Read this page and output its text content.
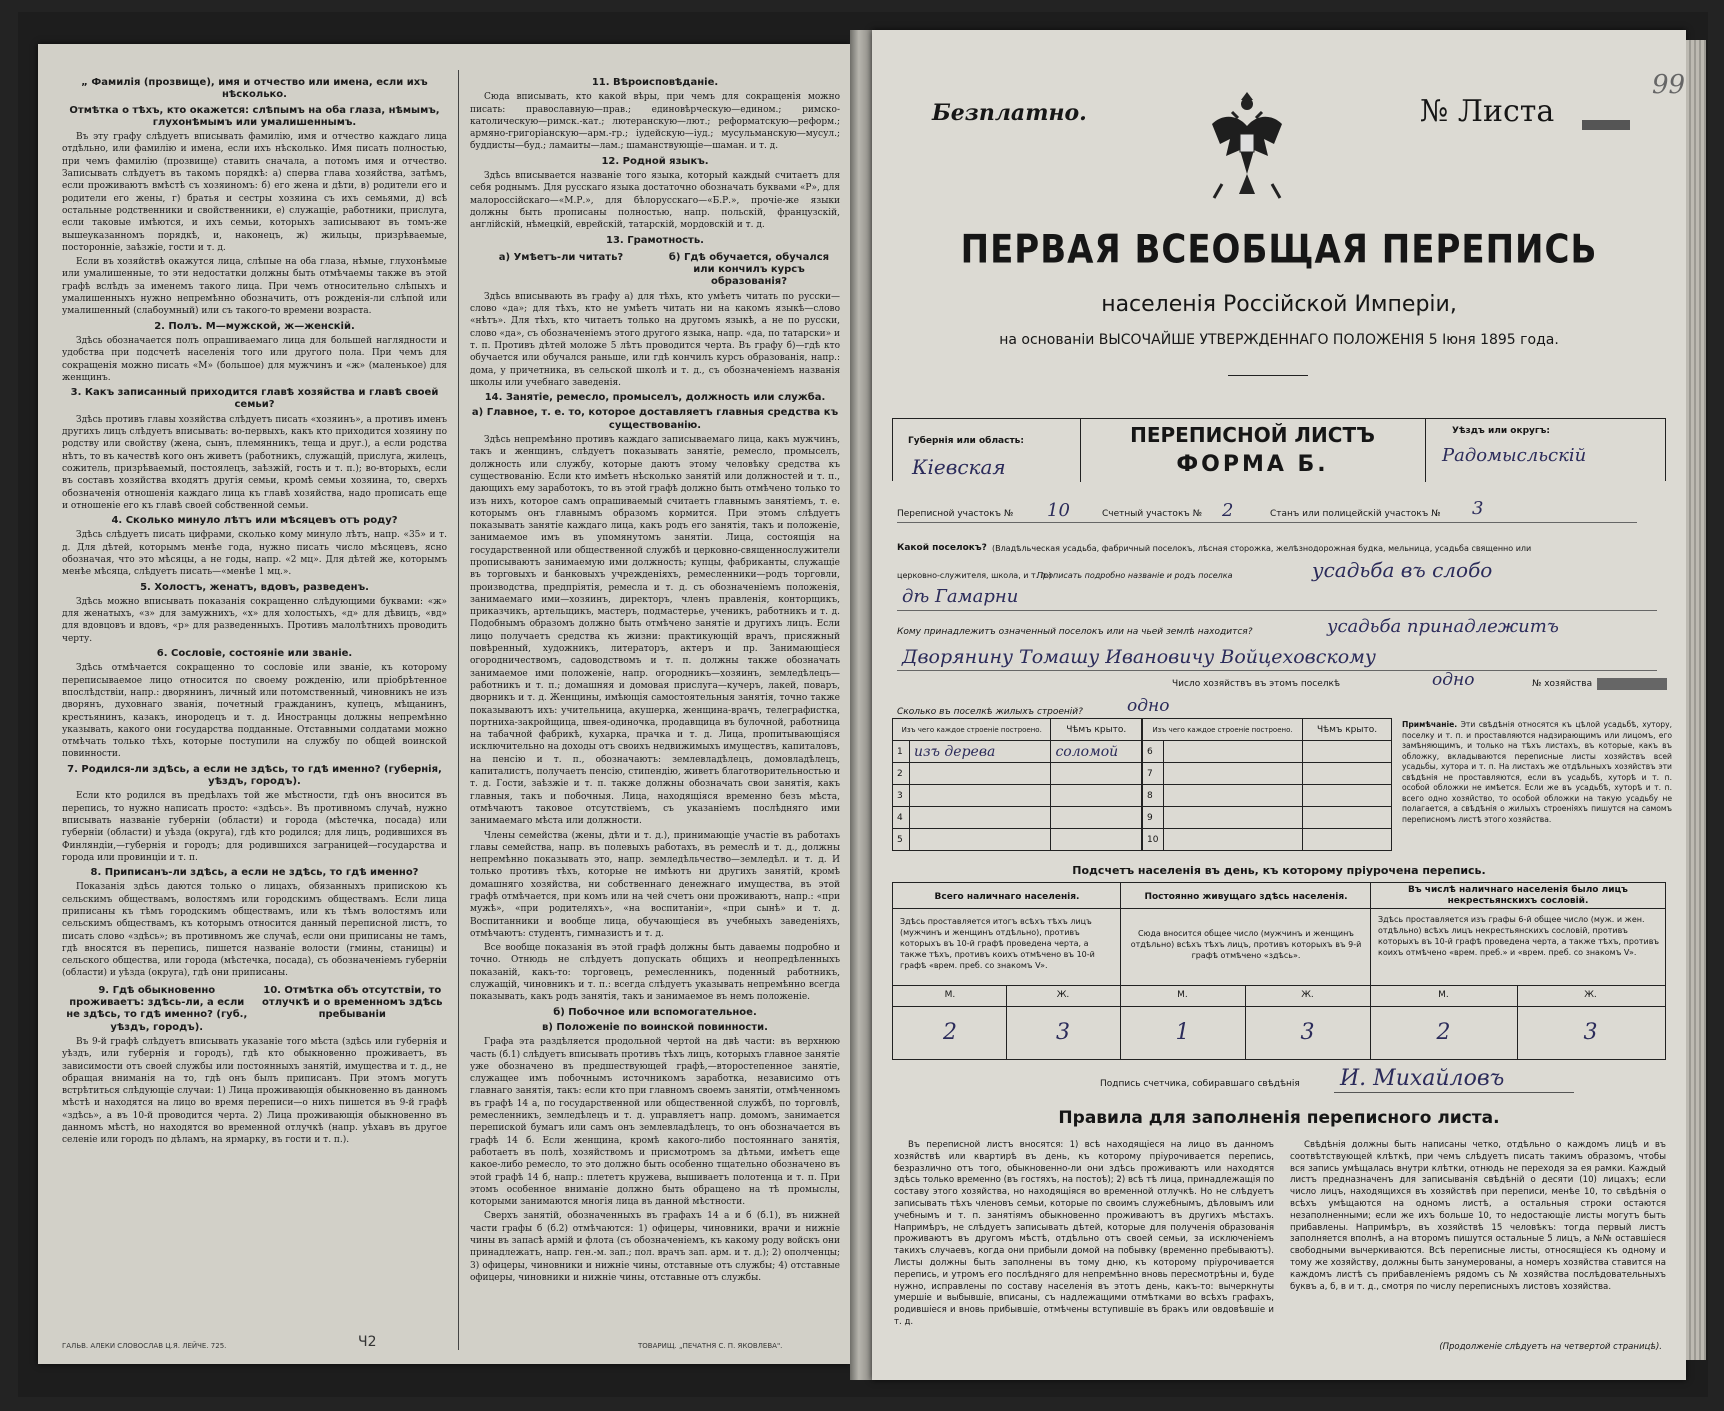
„ Фамилія (прозвище), имя и отчество или имена, если ихъ нѣсколько.
Отмѣтка о тѣхъ, кто окажется: слѣпымъ на оба глаза, нѣмымъ, глухонѣмымъ или умалишеннымъ.

Въ эту графу слѣдуетъ вписывать фамилію, имя и отчество каждаго лица отдѣльно, или фамилію и имена, если ихъ нѣсколько. Имя писать полностью, при чемъ фамилію (прозвище) ставить сначала, а потомъ имя и отчество. Записывать слѣдуетъ въ такомъ порядкѣ: а) сперва глава хозяйства, затѣмъ, если проживаютъ вмѣстѣ съ хозяиномъ: б) его жена и дѣти, в) родители его и родители его жены, г) братья и сестры хозяина съ ихъ семьями, д) всѣ остальные родственники и свойственники, е) служащіе, работники, прислуга, если таковые имѣются, и ихъ семьи, которыхъ записывают въ томъ-же вышеуказанномъ порядкѣ, и, наконецъ, ж) жильцы, призрѣваемые, посторонніе, заѣзжіе, гости и т. д.

Если въ хозяйствѣ окажутся лица, слѣпые на оба глаза, нѣмые, глухонѣмые или умалишенные, то эти недостатки должны быть отмѣчаемы также въ этой графѣ вслѣдъ за именемъ такого лица. При чемъ относительно слѣпыхъ и умалишенныхъ нужно непремѣнно обозначить, отъ рожденія-ли слѣпой или умалишенный (слабоумный) или съ такого-то времени возраста.

2. Полъ. М—мужской, ж—женскій.

Здѣсь обозначается полъ опрашиваемаго лица для большей наглядности и удобства при подсчетѣ населенія того или другого пола. При чемъ для сокращенія можно писать «М» (большое) для мужчинъ и «ж» (маленькое) для женщинъ.

3. Какъ записанный приходится главѣ хозяйства и главѣ своей семьи?

Здѣсь противъ главы хозяйства слѣдуетъ писать «хозяинъ», а противъ именъ другихъ лицъ слѣдуетъ вписывать: во-первыхъ, какъ кто приходится хозяину по родству или свойству (жена, сынъ, племянникъ, теща и друг.), а если родства нѣтъ, то въ качествѣ кого онъ живетъ (работникъ, служащій, прислуга, жилецъ, сожитель, призрѣваемый, постоялецъ, заѣзжій, гость и т. п.); во-вторыхъ, если въ составъ хозяйства входятъ другія семьи, кромѣ семьи хозяина, то, сверхъ обозначенія отношенія каждаго лица къ главѣ хозяйства, надо прописать еще и отношеніе его къ главѣ своей собственной семьи.

4. Сколько минуло лѣтъ или мѣсяцевъ отъ роду?

Здѣсь слѣдуетъ писать цифрами, сколько кому минуло лѣтъ, напр. «35» и т. д. Для дѣтей, которымъ менѣе года, нужно писать число мѣсяцевъ, ясно обозначая, что это мѣсяцы, а не годы, напр. «2 мц». Для дѣтей же, которымъ менѣе мѣсяца, слѣдуетъ писать—«менѣе 1 мц.».

5. Холостъ, женатъ, вдовъ, разведенъ.

Здѣсь можно вписывать показанія сокращенно слѣдующими буквами: «ж» для женатыхъ, «з» для замужнихъ, «х» для холостыхъ, «д» для дѣвицъ, «вд» для вдовцовъ и вдовъ, «р» для разведенныхъ. Противъ малолѣтнихъ проводить черту.

6. Сословіе, состояніе или званіе.

Здѣсь отмѣчается сокращенно то сословіе или званіе, къ которому переписываемое лицо относится по своему рожденію, или пріобрѣтенное впослѣдствіи, напр.: дворянинъ, личный или потомственный, чиновникъ не изъ дворянъ, духовнаго званія, почетный гражданинъ, купецъ, мѣщанинъ, крестьянинъ, казакъ, инородецъ и т. д. Иностранцы должны непремѣнно указывать, какого они государства подданные. Отставными солдатами можно отмѣчать только тѣхъ, которые поступили на службу по общей воинской повинности.

7. Родился-ли здѣсь, а если не здѣсь, то гдѣ именно? (губернія, уѣздъ, городъ).

Если кто родился въ предѣлахъ той же мѣстности, гдѣ онъ вносится въ перепись, то нужно написать просто: «здѣсь». Въ противномъ случаѣ, нужно вписывать названіе губерніи (области) и города (мѣстечка, посада) или губерніи (области) и уѣзда (округа), гдѣ кто родился; для лицъ, родившихся въ Финляндіи,—губернія и городъ; для родившихся заграницей—государства и города или провинціи и т. п.

8. Приписанъ-ли здѣсь, а если не здѣсь, то гдѣ именно?

Показанія здѣсь даются только о лицахъ, обязанныхъ припискою къ сельскимъ обществамъ, волостямъ или городскимъ обществамъ. Если лица приписаны къ тѣмъ городскимъ обществамъ, или къ тѣмъ волостямъ или сельскимъ обществамъ, къ которымъ относится данный переписной листъ, то писать слово «здѣсь»; въ противномъ же случаѣ, если они приписаны не тамъ, гдѣ вносятся въ перепись, пишется названіе волости (гмины, станицы) и сельского общества, или города (мѣстечка, посада), съ обозначеніемъ губерніи (области) и уѣзда (округа), гдѣ они приписаны.

9. Гдѣ обыкновенно проживаетъ: здѣсь-ли, а если не здѣсь, то гдѣ именно? (губ., уѣздъ, городъ).
10. Отмѣтка объ отсутствіи, то отлучкѣ и о временномъ здѣсь пребываніи

Въ 9-й графѣ слѣдуетъ вписывать указаніе того мѣста (здѣсь или губернія и уѣздъ, или губернія и городъ), гдѣ кто обыкновенно проживаетъ, въ зависимости отъ своей службы или постоянныхъ занятій, имущества и т. д., не обращая вниманія на то, гдѣ онъ былъ приписанъ. При этомъ могутъ встрѣтиться слѣдующіе случаи: 1) Лица проживающія обыкновенно въ данномъ мѣстѣ и находятся на лицо во время переписи—о нихъ пишется въ 9-й графѣ «здѣсь», а въ 10-й проводится черта. 2) Лица проживающія обыкновенно въ данномъ мѣстѣ, но находятся во временной отлучкѣ (напр. уѣхавъ въ другое селеніе или городъ по дѣламъ, на ярмарку, въ гости и т. п.).

11. Вѣроисповѣданіе.

Сюда вписывать, кто какой вѣры, при чемъ для сокращенія можно писать: православную—прав.; единовѣрческую—едином.; римско-католическую—римск.-кат.; лютеранскую—лют.; реформатскую—реформ.; армяно-григоріанскую—арм.-гр.; іудейскую—іуд.; мусульманскую—мусул.; буддисты—буд.; ламаиты—лам.; шаманствующіе—шаман. и т. д.

12. Родной языкъ.

Здѣсь вписывается названіе того языка, который каждый считаетъ для себя роднымъ. Для русскаго языка достаточно обозначать буквами «Р», для малороссійскаго—«М.Р.», для бѣлорусскаго—«Б.Р.», прочіе-же языки должны быть прописаны полностью, напр. польскій, французскій, англійскій, нѣмецкій, еврейскій, татарскій, мордовскій и т. д.

13. Грамотность.
а) Умѣетъ-ли читать?	б) Гдѣ обучается, обучался или кончилъ курсъ образованія?

Здѣсь вписывають въ графу а) для тѣхъ, кто умѣетъ читать по русски—слово «да»; для тѣхъ, кто не умѣетъ читать ни на какомъ языкѣ—слово «нѣтъ». Для тѣхъ, кто читаетъ только на другомъ языкѣ, а не по русски, слово «да», съ обозначеніемъ этого другого языка, напр. «да, по татарски» и т. п. Противъ дѣтей моложе 5 лѣтъ проводится черта. Въ графу б)—гдѣ кто обучается или обучался раньше, или гдѣ кончилъ курсъ образованія, напр.: дома, у причетника, въ сельской школѣ и т. д., съ обозначеніемъ названія школы или учебнаго заведенія.

14. Занятіе, ремесло, промыселъ, должность или служба.
а) Главное, т. е. то, которое доставляетъ главныя средства къ существованію.

Здѣсь непремѣнно противъ каждаго записываемаго лица, какъ мужчинъ, такъ и женщинъ, слѣдуетъ показывать занятіе, ремесло, промыселъ, должность или службу, которые даютъ этому человѣку средства къ существованію. Если кто имѣетъ нѣсколько занятій или должностей и т. п., дающихъ ему заработокъ, то въ этой графѣ должно быть отмѣчено только то изъ нихъ, которое самъ опрашиваемый считаетъ главнымъ занятіемъ, т. е. которымъ онъ главнымъ образомъ кормится. При этомъ слѣдуетъ показывать занятіе каждаго лица, какъ родъ его занятія, такъ и положеніе, занимаемое имъ въ упомянутомъ занятіи. Лица, состоящія на государственной или общественной службѣ и церковно-священнослужители прописываютъ занимаемую ими должность; купцы, фабриканты, служащіе въ торговыхъ и банковыхъ учрежденіяхъ, ремесленники—родъ торговли, производства, предпріятія, ремесла и т. д. съ обозначеніемъ положенія, занимаемаго ими—хозяинъ, директоръ, членъ правленія, конторщикъ, приказчикъ, артельщикъ, мастеръ, подмастерье, ученикъ, работникъ и т. д. Подобнымъ образомъ должно быть отмѣчено занятіе и другихъ лицъ. Если лицо получаетъ средства къ жизни: практикующій врачъ, присяжный повѣренный, художникъ, литераторъ, актеръ и пр. Занимающіеся огородничествомъ, садоводствомъ и т. п. должны также обозначать занимаемое ими положеніе, напр. огородникъ—хозяинъ, земледѣлецъ—работникъ и т. п.; домашняя и домовая прислуга—кучеръ, лакей, поваръ, дворникъ и т. д. Женщины, имѣющія самостоятельныя занятія, точно также показываютъ ихъ: учительница, акушерка, женщина-врачъ, телеграфистка, портниха-закройщица, швея-одиночка, продавщица въ булочной, работница на табачной фабрикѣ, кухарка, прачка и т. д. Лица, пропитывающіяся исключительно на доходы отъ своихъ недвижимыхъ имуществъ, капиталовъ, на пенсію и т. п., обозначаютъ: землевладѣлецъ, домовладѣлецъ, капиталистъ, получаетъ пенсію, стипендію, живетъ благотворительностью и т. д. Гости, заѣзжіе и т. п. также должны обозначать свои занятія, какъ главныя, такъ и побочныя. Лица, находящіяся временно безъ мѣста, отмѣчаютъ таковое отсутствіемъ, съ указаніемъ послѣдняго ими занимаемаго мѣста или должности.

Члены семейства (жены, дѣти и т. д.), принимающіе участіе въ работахъ главы семейства, напр. въ полевыхъ работахъ, въ ремеслѣ и т. д., должны непремѣнно показывать это, напр. земледѣльчество—земледѣл. и т. д. И только противъ тѣхъ, которые не имѣютъ ни другихъ занятій, кромѣ домашняго хозяйства, ни собственнаго денежнаго имущества, въ этой графѣ отмѣчается, при комъ или на чей счетъ они проживаютъ, напр.: «при мужѣ», «при родителяхъ», «на воспитаніи», «при сынѣ» и т. д. Воспитанники и вообще лица, обучающіеся въ учебныхъ заведеніяхъ, отмѣчаютъ: студентъ, гимназистъ и т. д.

Все вообще показанія въ этой графѣ должны быть даваемы подробно и точно. Отнюдь не слѣдуетъ допускать общихъ и неопредѣленныхъ показаній, какъ-то: торговецъ, ремесленникъ, поденный работникъ, служащій, чиновникъ и т. п.: всегда слѣдуетъ указывать непремѣнно всегда показывать, какъ родъ занятія, такъ и занимаемое въ немъ положеніе.

б) Побочное или вспомогательное.
в) Положеніе по воинской повинности.

Графа эта раздѣляется продольной чертой на двѣ части: въ верхнюю часть (б.1) слѣдуетъ вписывать противъ тѣхъ лицъ, которыхъ главное занятіе уже обозначено въ предшествующей графѣ,—второстепенное занятіе, служащее имъ побочнымъ источникомъ заработка, независимо отъ главнаго занятія, такъ: если кто при главномъ своемъ занятіи, отмѣченномъ въ графѣ 14 а, по государственной или общественной службѣ, по торговлѣ, ремесленникъ, земледѣлецъ и т. д. управляетъ напр. домомъ, занимается перепиской бумагъ или самъ онъ землевладѣлецъ, то онъ обозначается въ графѣ 14 б. Если женщина, кромѣ какого-либо постояннаго занятія, работаетъ въ полѣ, хозяйствомъ и присмотромъ за дѣтьми, имѣетъ еще какое-либо ремесло, то это должно быть особенно тщательно обозначено въ этой графѣ 14 б, напр.: плететъ кружева, вышиваетъ полотенца и т. п. При этомъ особенное вниманіе должно быть обращено на тѣ промыслы, которыми занимаются многія лица въ данной мѣстности.

Сверхъ занятій, обозначенныхъ въ графахъ 14 а и б (б.1), въ нижней части графы б (б.2) отмѣчаются: 1) офицеры, чиновники, врачи и нижніе чины въ запасѣ армій и флота (съ обозначеніемъ, къ какому роду войскъ они принадлежатъ, напр. ген.-м. зап.; пол. врачъ зап. арм. и т. д.); 2) ополченцы; 3) офицеры, чиновники и нижніе чины, отставные отъ службы; 4) отставные офицеры, чиновники и нижніе чины, отставные отъ службы.

ГАЛЬВ. АЛЕКИ СЛОВОСЛАВ Ц.Я. ЛЕЙЧЕ. 725.	Ч2	ТОВАРИЩ. „ПЕЧАТНЯ С. П. ЯКОВЛЕВА".
99
Безплатно.	№ Листа
ПЕРВАЯ ВСЕОБЩАЯ ПЕРЕПИСЬ
населенія Россійской Имперіи,
на основаніи ВЫСОЧАЙШЕ УТВЕРЖДЕННАГО ПОЛОЖЕНІЯ 5 Іюня 1895 года.
Губернія или область:
Кіевская
ПЕРЕПИСНОЙ ЛИСТЪ
ФОРМА Б.
Уѣздъ или округъ:
Радомысльскій
Переписной участокъ № 10	Счетный участокъ № 2	Станъ или полицейскій участокъ № 3
Какой поселокъ? (Владѣльческая усадьба, фабричный поселокъ, лѣсная сторожка, желѣзнодорожная будка, мельница, усадьба священно или
церковно-служителя, школа, и т. п.)
Прописать подробно названіе и родъ поселка	усадьба въ слобо
дѣ Гамарни
Кому принадлежитъ означенный поселокъ или на чьей землѣ находится?	усадьба принадлежитъ
Дворянину Томашу Ивановичу Войцеховскому
Число хозяйствъ въ этомъ поселкѣ	одно	№ хозяйства
Сколько въ поселкѣ жилыхъ строеній?	одно
Изъ чего каждое строеніе построено.		Чѣмъ крыто.
1	изъ дерева	соломой
2		
3		
4		
5		
Изъ чего каждое строеніе построено.		Чѣмъ крыто.
6		
7		
8		
9		
10		
Примѣчаніе. Эти свѣдѣнія относятся къ цѣлой усадьбѣ, хутору, поселку и т. п. и проставляются надзирающимъ или лицомъ, его замѣняющимъ, и только на тѣхъ листахъ, въ которые, какъ въ обложку, вкладываются переписные листы хозяйствъ всей усадьбы, хутора и т. п. На листахъ же отдѣльныхъ хозяйствъ эти свѣдѣнія не проставляются, если въ усадьбѣ, хуторѣ и т. п. особой обложки не имѣется. Если же въ усадьбѣ, хуторѣ и т. п. всего одно хозяйство, то особой обложки на такую усадьбу не полагается, а свѣдѣнія о жилыхъ строеніяхъ пишутся на самомъ переписномъ листѣ этого хозяйства.
Подсчетъ населенія въ день, къ которому пріурочена перепись.
Всего наличнаго населенія.	Постоянно живущаго здѣсь населенія.
Въ числѣ наличнаго населенія было лицъ некрестьянскихъ сословій.
Здѣсь проставляется итогъ всѣхъ тѣхъ лицъ (мужчинъ и женщинъ отдѣльно), противъ которыхъ въ 10-й графѣ проведена черта, а также тѣхъ, противъ коихъ отмѣчено въ 10-й графѣ «врем. преб. со знакомъ V».
Сюда вносится общее число (мужчинъ и женщинъ отдѣльно) всѣхъ тѣхъ лицъ, противъ которыхъ въ 9-й графѣ отмѣчено «здѣсь».
Здѣсь проставляется изъ графы 6-й общее число (муж. и жен. отдѣльно) всѣхъ лицъ некрестьянскихъ сословій, противъ которыхъ въ 10-й графѣ проведена черта, а также тѣхъ, противъ коихъ отмѣчено «врем. преб.» и «врем. преб. со знакомъ V».
М.	Ж.	М.	Ж.	М.	Ж.
2	3	1	3	2	3
Подпись счетчика, собиравшаго свѣдѣнія И. Михайловъ
Правила для заполненія переписного листа.
Въ переписной листъ вносятся: 1) всѣ находящіеся на лицо въ данномъ хозяйствѣ или квартирѣ въ день, къ которому пріурочивается перепись, безразлично отъ того, обыкновенно-ли они здѣсь проживаютъ или находятся здѣсь только временно (въ гостяхъ, на постоѣ); 2) всѣ тѣ лица, принадлежащія по составу этого хозяйства, но находящіяся во временной отлучкѣ. Но не слѣдуетъ записывать тѣхъ членовъ семьи, которые по своимъ служебнымъ, дѣловымъ или учебнымъ и т. п. занятіямъ обыкновенно проживаютъ въ другихъ мѣстахъ. Напримѣръ, не слѣдуетъ записывать дѣтей, которые для полученія образованія проживаютъ въ другомъ мѣстѣ, отдѣльно отъ своей семьи, за исключеніемъ такихъ случаевъ, когда они прибыли домой на побывку (временно пребываютъ). Листы должны быть заполнены въ тому дню, къ которому пріурочивается перепись, и утромъ его послѣдняго для непремѣнно вновь пересмотрѣны и, буде нужно, исправлены по составу населенія въ этотъ день, какъ-то: вычеркнуты умершіе и выбывшіе, вписаны, съ надлежащими отмѣтками во всѣхъ графахъ, родившіеся и вновь прибывшіе, отмѣчены вступившіе въ бракъ или овдовѣвшіе и т. д.
Свѣдѣнія должны быть написаны четко, отдѣльно о каждомъ лицѣ и въ соотвѣтствующей клѣткѣ, при чемъ слѣдуетъ писать такимъ образомъ, чтобы вся запись умѣщалась внутри клѣтки, отнюдь не переходя за ея рамки. Каждый листъ предназначенъ для записыванія свѣдѣній о десяти (10) лицахъ; если число лицъ, находящихся въ хозяйствѣ при переписи, менѣе 10, то свѣдѣнія о всѣхъ умѣщаются на одномъ листѣ, а остальныя строки остаются незаполненными; если же ихъ больше 10, то недостающіе листы могутъ быть прибавлены. Напримѣръ, въ хозяйствѣ 15 человѣкъ: тогда первый листъ заполняется вполнѣ, а на второмъ пишутся остальные 5 лицъ, а №№ оставшіеся свободными вычеркиваются. Всѣ переписные листы, относящіеся къ одному и тому же хозяйству, должны быть занумерованы, а номеръ хозяйства ставится на каждомъ листѣ съ прибавленіемъ рядомъ съ № хозяйства послѣдовательныхъ буквъ а, б, в и т. д., смотря по числу переписныхъ листовъ хозяйства.
(Продолженіе слѣдуетъ на четвертой страницѣ).
